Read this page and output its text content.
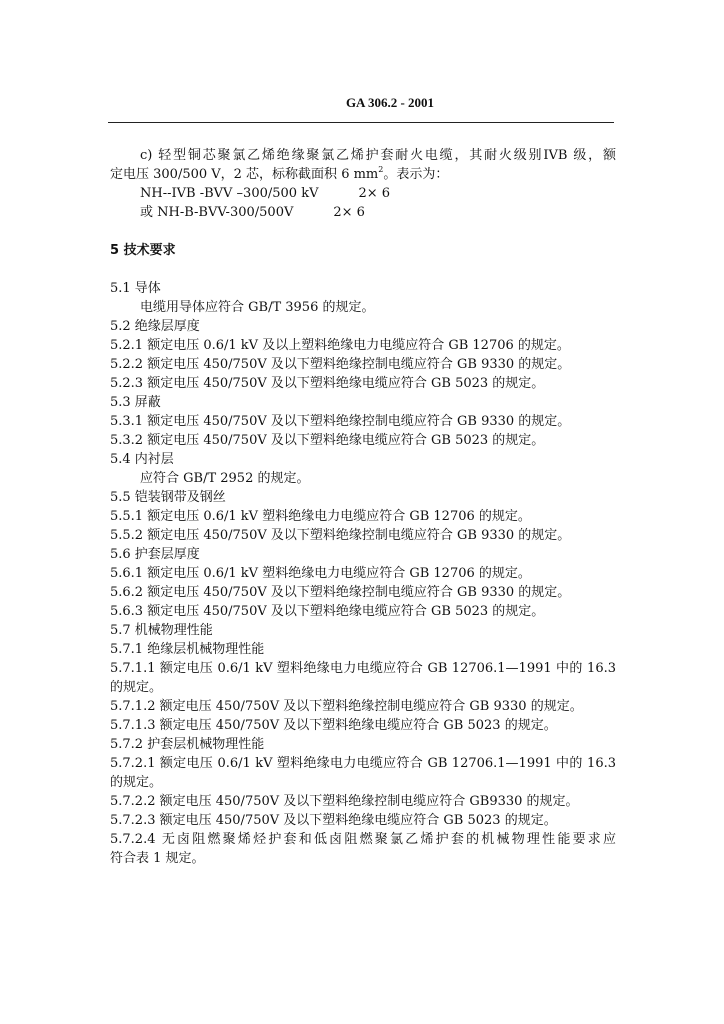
GA 306.2 - 2001
c) 轻型铜芯聚氯乙烯绝缘聚氯乙烯护套耐火电缆，其耐火级别IVB 级，额
定电压 300/500 V，2 芯，标称截面积 6 $mm^2$。表示为：
NH--IVB -BVV –300/500 kV	2× 6
或 NH-B-BVV-300/500V	2× 6
5 技术要求
5.1 导体
电缆用导体应符合 GB/T 3956 的规定。
5.2 绝缘层厚度
5.2.1 额定电压 0.6/1 kV 及以上塑料绝缘电力电缆应符合 GB 12706 的规定。
5.2.2 额定电压 450/750V 及以下塑料绝缘控制电缆应符合 GB 9330 的规定。
5.2.3 额定电压 450/750V 及以下塑料绝缘电缆应符合 GB 5023 的规定。
5.3 屏蔽
5.3.1 额定电压 450/750V 及以下塑料绝缘控制电缆应符合 GB 9330 的规定。
5.3.2 额定电压 450/750V 及以下塑料绝缘电缆应符合 GB 5023 的规定。
5.4 内衬层
应符合 GB/T 2952 的规定。
5.5 铠装钢带及钢丝
5.5.1 额定电压 0.6/1 kV 塑料绝缘电力电缆应符合 GB 12706 的规定。
5.5.2 额定电压 450/750V 及以下塑料绝缘控制电缆应符合 GB 9330 的规定。
5.6 护套层厚度
5.6.1 额定电压 0.6/1 kV 塑料绝缘电力电缆应符合 GB 12706 的规定。
5.6.2 额定电压 450/750V 及以下塑料绝缘控制电缆应符合 GB 9330 的规定。
5.6.3 额定电压 450/750V 及以下塑料绝缘电缆应符合 GB 5023 的规定。
5.7 机械物理性能
5.7.1 绝缘层机械物理性能
5.7.1.1 额定电压 0.6/1 kV 塑料绝缘电力电缆应符合 GB 12706.1—1991 中的 16.3
的规定。
5.7.1.2 额定电压 450/750V 及以下塑料绝缘控制电缆应符合 GB 9330 的规定。
5.7.1.3 额定电压 450/750V 及以下塑料绝缘电缆应符合 GB 5023 的规定。
5.7.2 护套层机械物理性能
5.7.2.1 额定电压 0.6/1 kV 塑料绝缘电力电缆应符合 GB 12706.1—1991 中的 16.3
的规定。
5.7.2.2 额定电压 450/750V 及以下塑料绝缘控制电缆应符合 GB9330 的规定。
5.7.2.3 额定电压 450/750V 及以下塑料绝缘电缆应符合 GB 5023 的规定。
5.7.2.4 无卤阻燃聚烯烃护套和低卤阻燃聚氯乙烯护套的机械物理性能要求应
符合表 1 规定。
